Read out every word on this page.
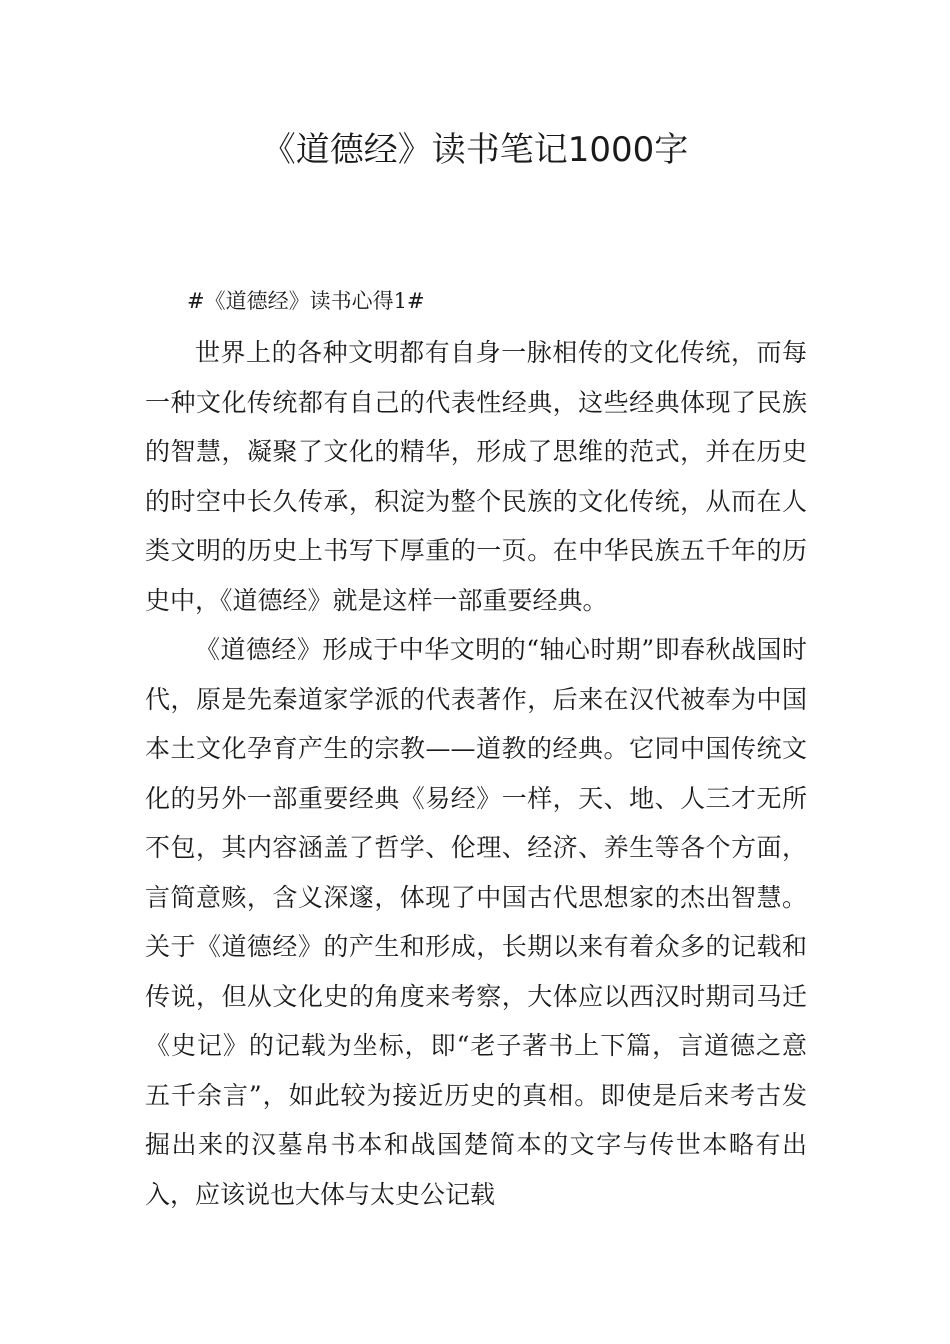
《道德经》读书笔记1000字

#《道德经》读书心得1#

世界上的各种文明都有自身一脉相传的文化传统，而每一种文化传统都有自己的代表性经典，这些经典体现了民族的智慧，凝聚了文化的精华，形成了思维的范式，并在历史的时空中长久传承，积淀为整个民族的文化传统，从而在人类文明的历史上书写下厚重的一页。在中华民族五千年的历史中，《道德经》就是这样一部重要经典。

《道德经》形成于中华文明的“轴心时期”即春秋战国时代，原是先秦道家学派的代表著作，后来在汉代被奉为中国本土文化孕育产生的宗教——道教的经典。它同中国传统文化的另外一部重要经典《易经》一样，天、地、人三才无所不包，其内容涵盖了哲学、伦理、经济、养生等各个方面，言简意赅，含义深邃，体现了中国古代思想家的杰出智慧。关于《道德经》的产生和形成，长期以来有着众多的记载和传说，但从文化史的角度来考察，大体应以西汉时期司马迁《史记》的记载为坐标，即“老子著书上下篇，言道德之意五千余言”，如此较为接近历史的真相。即使是后来考古发掘出来的汉墓帛书本和战国楚简本的文字与传世本略有出入，应该说也大体与太史公记载
